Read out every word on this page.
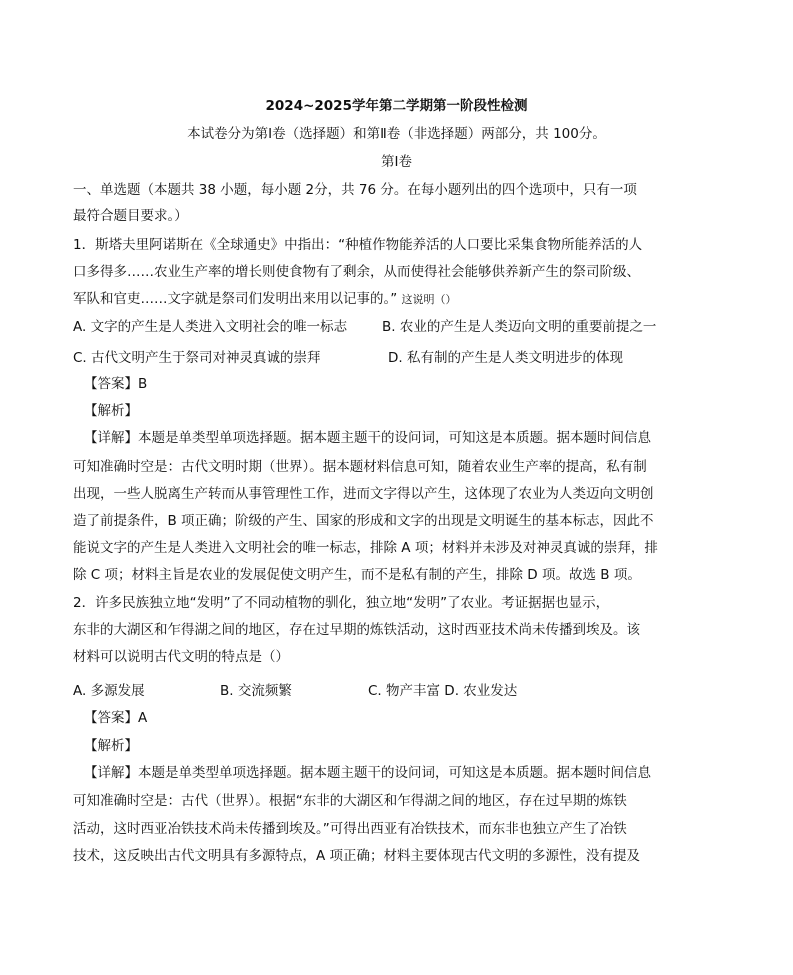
2024~2025学年第二学期第一阶段性检测
本试卷分为第Ⅰ卷（选择题）和第Ⅱ卷（非选择题）两部分，共 100分。
第Ⅰ卷
一、单选题（本题共 38 小题，每小题 2分，共 76 分。在每小题列出的四个选项中，只有一项
最符合题目要求。）
1．斯塔夫里阿诺斯在《全球通史》中指出：“种植作物能养活的人口要比采集食物所能养活的人
口多得多……农业生产率的增长则使食物有了剩余，从而使得社会能够供养新产生的祭司阶级、
军队和官吏……文字就是祭司们发明出来用以记事的。” 这说明（）
A. 文字的产生是人类进入文明社会的唯一标志	B. 农业的产生是人类迈向文明的重要前提之一
C. 古代文明产生于祭司对神灵真诚的崇拜	D. 私有制的产生是人类文明进步的体现
【答案】B
【解析】
【详解】本题是单类型单项选择题。据本题主题干的设问词，可知这是本质题。据本题时间信息
可知准确时空是：古代文明时期（世界）。据本题材料信息可知，随着农业生产率的提高，私有制
出现，一些人脱离生产转而从事管理性工作，进而文字得以产生，这体现了农业为人类迈向文明创
造了前提条件，B 项正确；阶级的产生、国家的形成和文字的出现是文明诞生的基本标志，因此不
能说文字的产生是人类进入文明社会的唯一标志，排除 A 项；材料并未涉及对神灵真诚的崇拜，排
除 C 项；材料主旨是农业的发展促使文明产生，而不是私有制的产生，排除 D 项。故选 B 项。
2．许多民族独立地“发明”了不同动植物的驯化，独立地“发明”了农业。考证据据也显示，
东非的大湖区和乍得湖之间的地区，存在过早期的炼铁活动，这时西亚技术尚未传播到埃及。该
材料可以说明古代文明的特点是（）
A. 多源发展	B. 交流频繁	C. 物产丰富 D. 农业发达
【答案】A
【解析】
【详解】本题是单类型单项选择题。据本题主题干的设问词，可知这是本质题。据本题时间信息
可知准确时空是：古代（世界）。根据“东非的大湖区和乍得湖之间的地区，存在过早期的炼铁
活动，这时西亚冶铁技术尚未传播到埃及。”可得出西亚有冶铁技术，而东非也独立产生了冶铁
技术，这反映出古代文明具有多源特点，A 项正确；材料主要体现古代文明的多源性，没有提及
